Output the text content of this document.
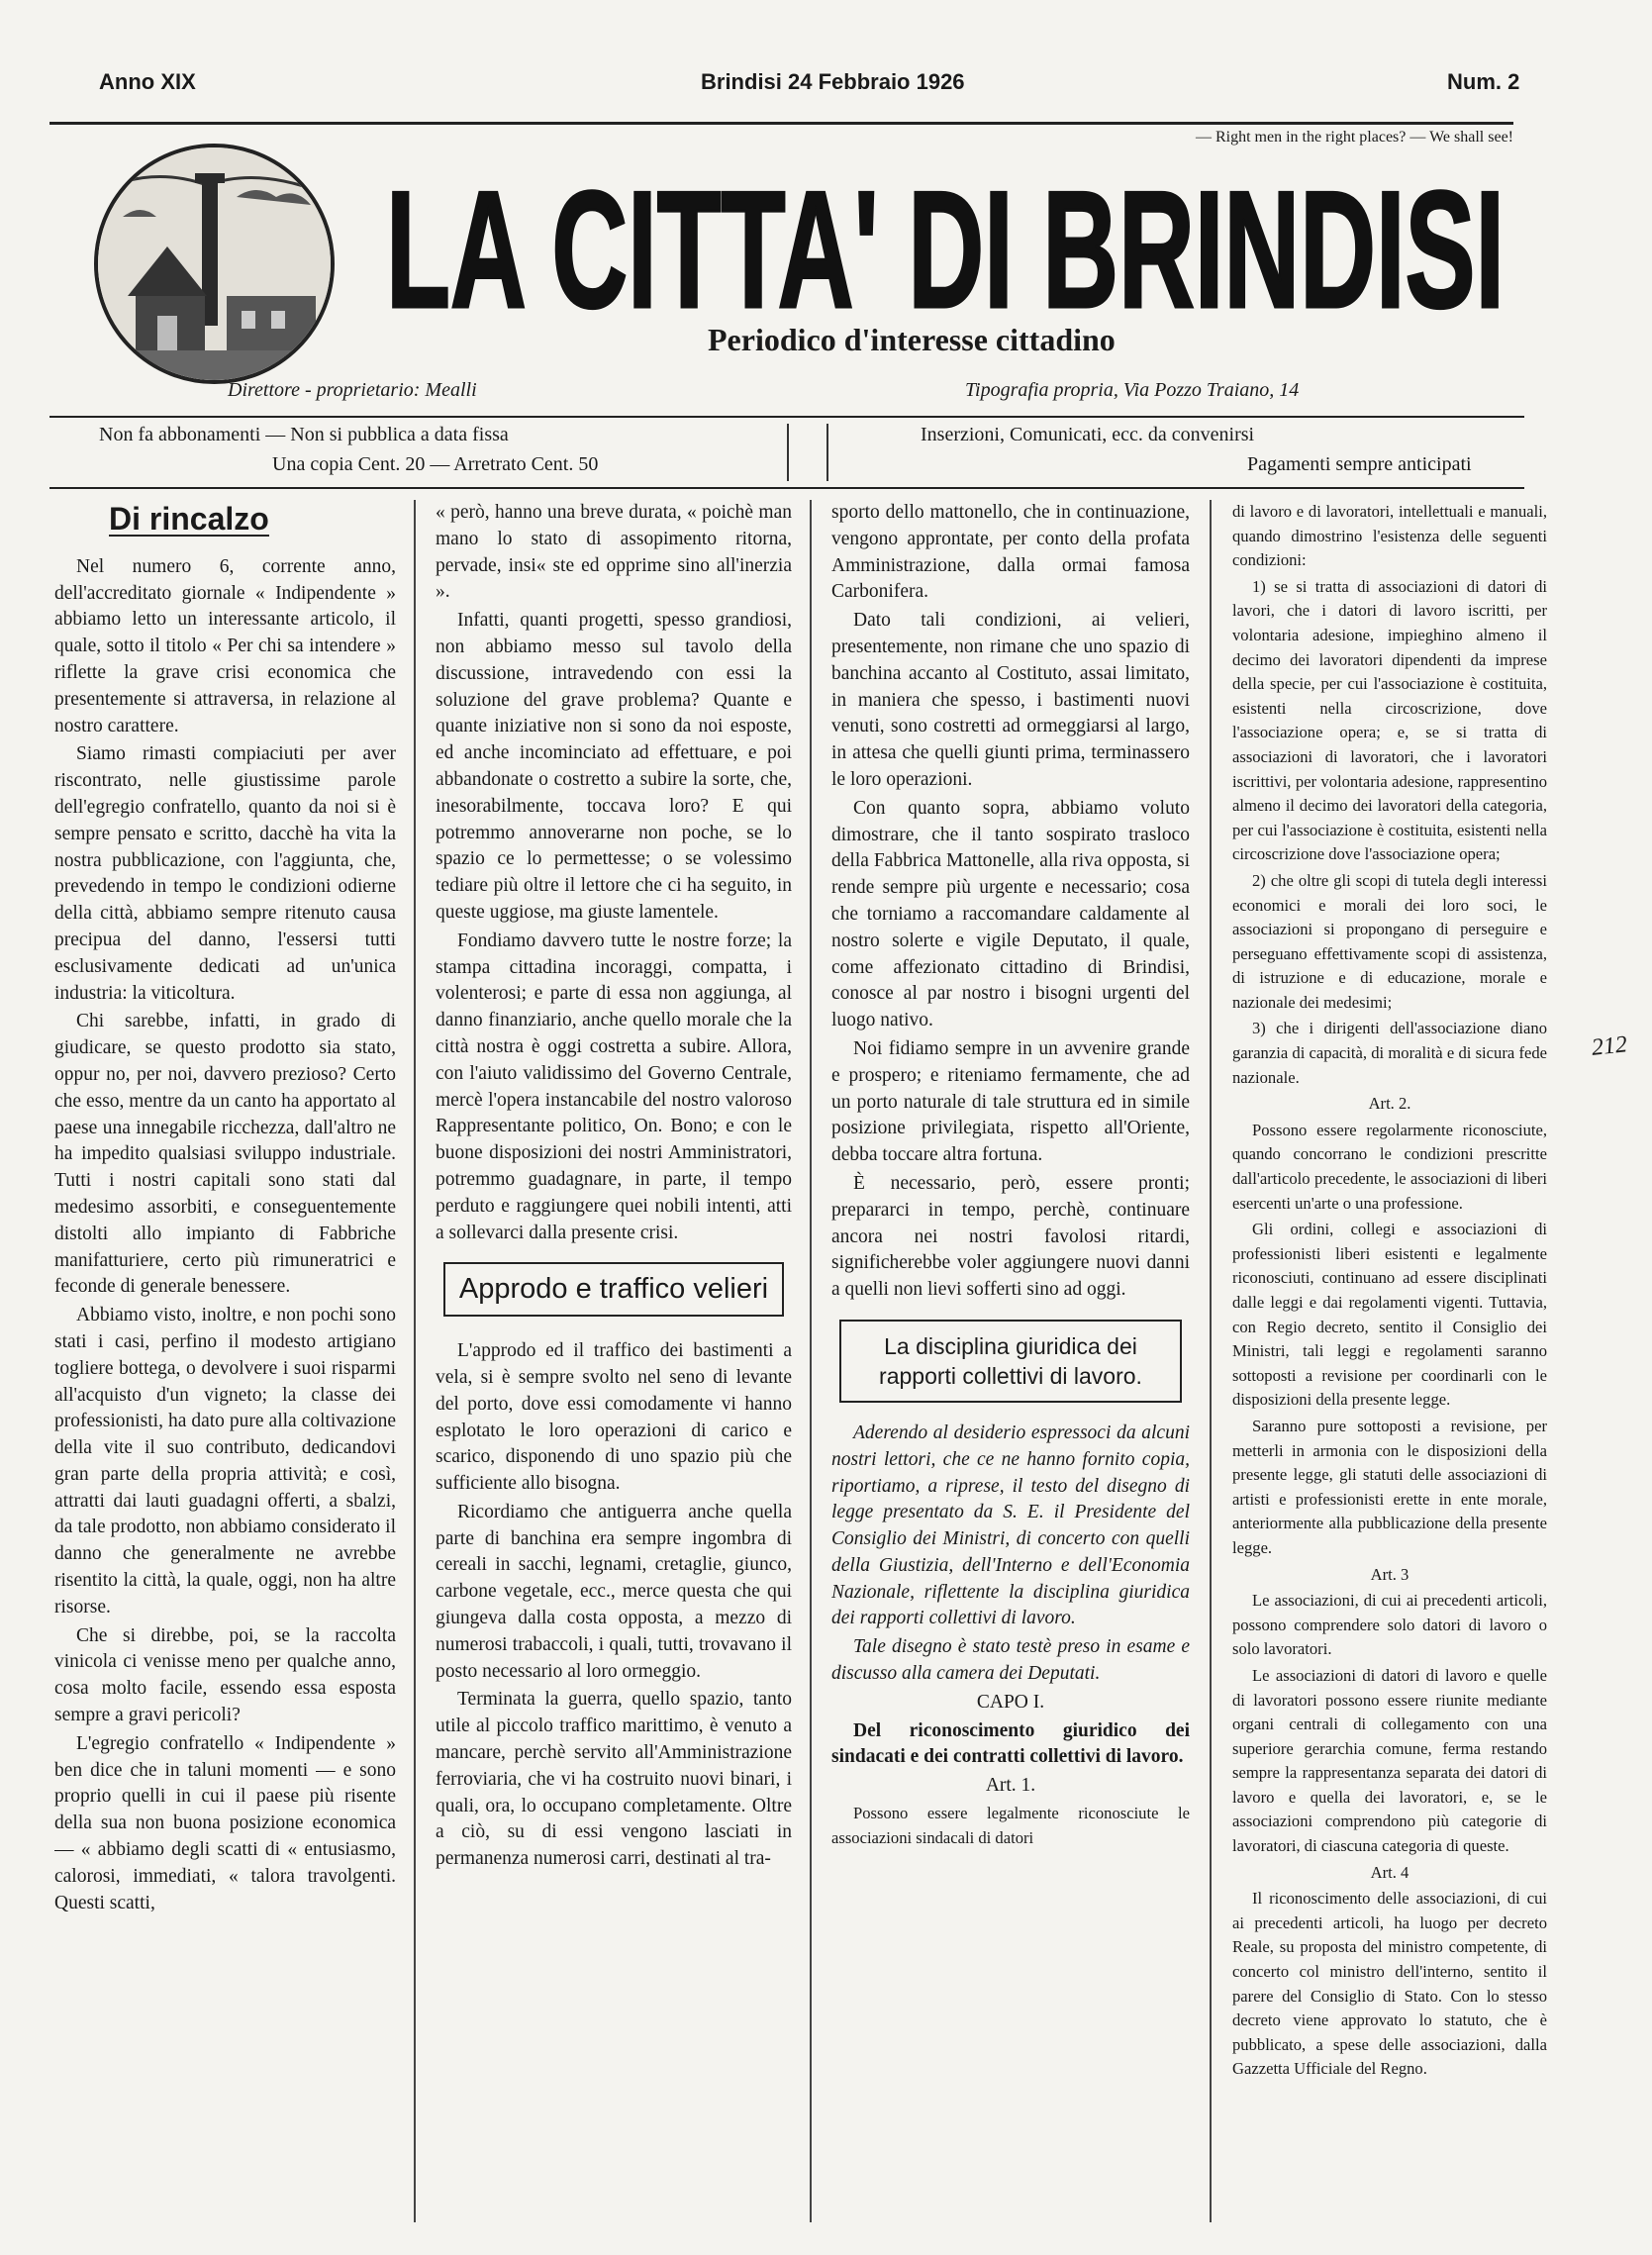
Anno XIX	Brindisi 24 Febbraio 1926	Num. 2
— Right men in the right places? — We shall see!
LA CITTA' DI BRINDISI
Periodico d'interesse cittadino
Direttore - proprietario: Mealli	Tipografia propria, Via Pozzo Traiano, 14
Non fa abbonamenti — Non si pubblica a data fissa
Una copia Cent. 20 — Arretrato Cent. 50
Inserzioni, Comunicati, ecc. da convenirsi
Pagamenti sempre anticipati
Di rincalzo

Nel numero 6, corrente anno, dell'accreditato giornale « Indipendente » abbiamo letto un interessante articolo, il quale, sotto il titolo « Per chi sa intendere » riflette la grave crisi economica che presentemente si attraversa, in relazione al nostro carattere.

Siamo rimasti compiaciuti per aver riscontrato, nelle giustissime parole dell'egregio confratello, quanto da noi si è sempre pensato e scritto, dacchè ha vita la nostra pubblicazione, con l'aggiunta, che, prevedendo in tempo le condizioni odierne della città, abbiamo sempre ritenuto causa precipua del danno, l'essersi tutti esclusivamente dedicati ad un'unica industria: la viticoltura.

Chi sarebbe, infatti, in grado di giudicare, se questo prodotto sia stato, oppur no, per noi, davvero prezioso? Certo che esso, mentre da un canto ha apportato al paese una innegabile ricchezza, dall'altro ne ha impedito qualsiasi sviluppo industriale. Tutti i nostri capitali sono stati dal medesimo assorbiti, e conseguentemente distolti allo impianto di Fabbriche manifatturiere, certo più rimuneratrici e feconde di generale benessere.

Abbiamo visto, inoltre, e non pochi sono stati i casi, perfino il modesto artigiano togliere bottega, o devolvere i suoi risparmi all'acquisto d'un vigneto; la classe dei professionisti, ha dato pure alla coltivazione della vite il suo contributo, dedicandovi gran parte della propria attività; e così, attratti dai lauti guadagni offerti, a sbalzi, da tale prodotto, non abbiamo considerato il danno che generalmente ne avrebbe risentito la città, la quale, oggi, non ha altre risorse.

Che si direbbe, poi, se la raccolta vinicola ci venisse meno per qualche anno, cosa molto facile, essendo essa esposta sempre a gravi pericoli?

L'egregio confratello « Indipendente » ben dice che in taluni momenti — e sono proprio quelli in cui il paese più risente della sua non buona posizione economica — « abbiamo degli scatti di « entusiasmo, calorosi, immediati, « talora travolgenti. Questi scatti,

« però, hanno una breve durata, « poichè man mano lo stato di assopimento ritorna, pervade, insi« ste ed opprime sino all'inerzia ».

Infatti, quanti progetti, spesso grandiosi, non abbiamo messo sul tavolo della discussione, intravedendo con essi la soluzione del grave problema? Quante e quante iniziative non si sono da noi esposte, ed anche incominciato ad effettuare, e poi abbandonate o costretto a subire la sorte, che, inesorabilmente, toccava loro? E qui potremmo annoverarne non poche, se lo spazio ce lo permettesse; o se volessimo tediare più oltre il lettore che ci ha seguito, in queste uggiose, ma giuste lamentele.

Fondiamo davvero tutte le nostre forze; la stampa cittadina incoraggi, compatta, i volenterosi; e parte di essa non aggiunga, al danno finanziario, anche quello morale che la città nostra è oggi costretta a subire. Allora, con l'aiuto validissimo del Governo Centrale, mercè l'opera instancabile del nostro valoroso Rappresentante politico, On. Bono; e con le buone disposizioni dei nostri Amministratori, potremmo guadagnare, in parte, il tempo perduto e raggiungere quei nobili intenti, atti a sollevarci dalla presente crisi.

Approdo e traffico velieri

L'approdo ed il traffico dei bastimenti a vela, si è sempre svolto nel seno di levante del porto, dove essi comodamente vi hanno esplotato le loro operazioni di carico e scarico, disponendo di uno spazio più che sufficiente allo bisogna.

Ricordiamo che antiguerra anche quella parte di banchina era sempre ingombra di cereali in sacchi, legnami, cretaglie, giunco, carbone vegetale, ecc., merce questa che qui giungeva dalla costa opposta, a mezzo di numerosi trabaccoli, i quali, tutti, trovavano il posto necessario al loro ormeggio.

Terminata la guerra, quello spazio, tanto utile al piccolo traffico marittimo, è venuto a mancare, perchè servito all'Amministrazione ferroviaria, che vi ha costruito nuovi binari, i quali, ora, lo occupano completamente. Oltre a ciò, su di essi vengono lasciati in permanenza numerosi carri, destinati al tra-

sporto dello mattonello, che in continuazione, vengono approntate, per conto della profata Amministrazione, dalla ormai famosa Carbonifera.

Dato tali condizioni, ai velieri, presentemente, non rimane che uno spazio di banchina accanto al Costituto, assai limitato, in maniera che spesso, i bastimenti nuovi venuti, sono costretti ad ormeggiarsi al largo, in attesa che quelli giunti prima, terminassero le loro operazioni.

Con quanto sopra, abbiamo voluto dimostrare, che il tanto sospirato trasloco della Fabbrica Mattonelle, alla riva opposta, si rende sempre più urgente e necessario; cosa che torniamo a raccomandare caldamente al nostro solerte e vigile Deputato, il quale, come affezionato cittadino di Brindisi, conosce al par nostro i bisogni urgenti del luogo nativo.

Noi fidiamo sempre in un avvenire grande e prospero; e riteniamo fermamente, che ad un porto naturale di tale struttura ed in simile posizione privilegiata, rispetto all'Oriente, debba toccare altra fortuna.

È necessario, però, essere pronti; prepararci in tempo, perchè, continuare ancora nei nostri favolosi ritardi, significherebbe voler aggiungere nuovi danni a quelli non lievi sofferti sino ad oggi.

La disciplina giuridica dei rapporti collettivi di lavoro.

Aderendo al desiderio espressoci da alcuni nostri lettori, che ce ne hanno fornito copia, riportiamo, a riprese, il testo del disegno di legge presentato da S. E. il Presidente del Consiglio dei Ministri, di concerto con quelli della Giustizia, dell'Interno e dell'Economia Nazionale, riflettente la disciplina giuridica dei rapporti collettivi di lavoro.

Tale disegno è stato testè preso in esame e discusso alla camera dei Deputati.

CAPO I.

Del riconoscimento giuridico dei sindacati e dei contratti collettivi di lavoro.

Art. 1.

Possono essere legalmente riconosciute le associazioni sindacali di datori

di lavoro e di lavoratori, intellettuali e manuali, quando dimostrino l'esistenza delle seguenti condizioni:

1) se si tratta di associazioni di datori di lavori, che i datori di lavoro iscritti, per volontaria adesione, impieghino almeno il decimo dei lavoratori dipendenti da imprese della specie, per cui l'associazione è costituita, esistenti nella circoscrizione, dove l'associazione opera; e, se si tratta di associazioni di lavoratori, che i lavoratori iscrittivi, per volontaria adesione, rappresentino almeno il decimo dei lavoratori della categoria, per cui l'associazione è costituita, esistenti nella circoscrizione dove l'associazione opera;

2) che oltre gli scopi di tutela degli interessi economici e morali dei loro soci, le associazioni si propongano di perseguire e perseguano effettivamente scopi di assistenza, di istruzione e di educazione, morale e nazionale dei medesimi;

3) che i dirigenti dell'associazione diano garanzia di capacità, di moralità e di sicura fede nazionale.

Art. 2.

Possono essere regolarmente riconosciute, quando concorrano le condizioni prescritte dall'articolo precedente, le associazioni di liberi esercenti un'arte o una professione.

Gli ordini, collegi e associazioni di professionisti liberi esistenti e legalmente riconosciuti, continuano ad essere disciplinati dalle leggi e dai regolamenti vigenti. Tuttavia, con Regio decreto, sentito il Consiglio dei Ministri, tali leggi e regolamenti saranno sottoposti a revisione per coordinarli con le disposizioni della presente legge.

Saranno pure sottoposti a revisione, per metterli in armonia con le disposizioni della presente legge, gli statuti delle associazioni di artisti e professionisti erette in ente morale, anteriormente alla pubblicazione della presente legge.

Art. 3

Le associazioni, di cui ai precedenti articoli, possono comprendere solo datori di lavoro o solo lavoratori.

Le associazioni di datori di lavoro e quelle di lavoratori possono essere riunite mediante organi centrali di collegamento con una superiore gerarchia comune, ferma restando sempre la rappresentanza separata dei datori di lavoro e quella dei lavoratori, e, se le associazioni comprendono più categorie di lavoratori, di ciascuna categoria di queste.

Art. 4

Il riconoscimento delle associazioni, di cui ai precedenti articoli, ha luogo per decreto Reale, su proposta del ministro competente, di concerto col ministro dell'interno, sentito il parere del Consiglio di Stato. Con lo stesso decreto viene approvato lo statuto, che è pubblicato, a spese delle associazioni, dalla Gazzetta Ufficiale del Regno.

212
